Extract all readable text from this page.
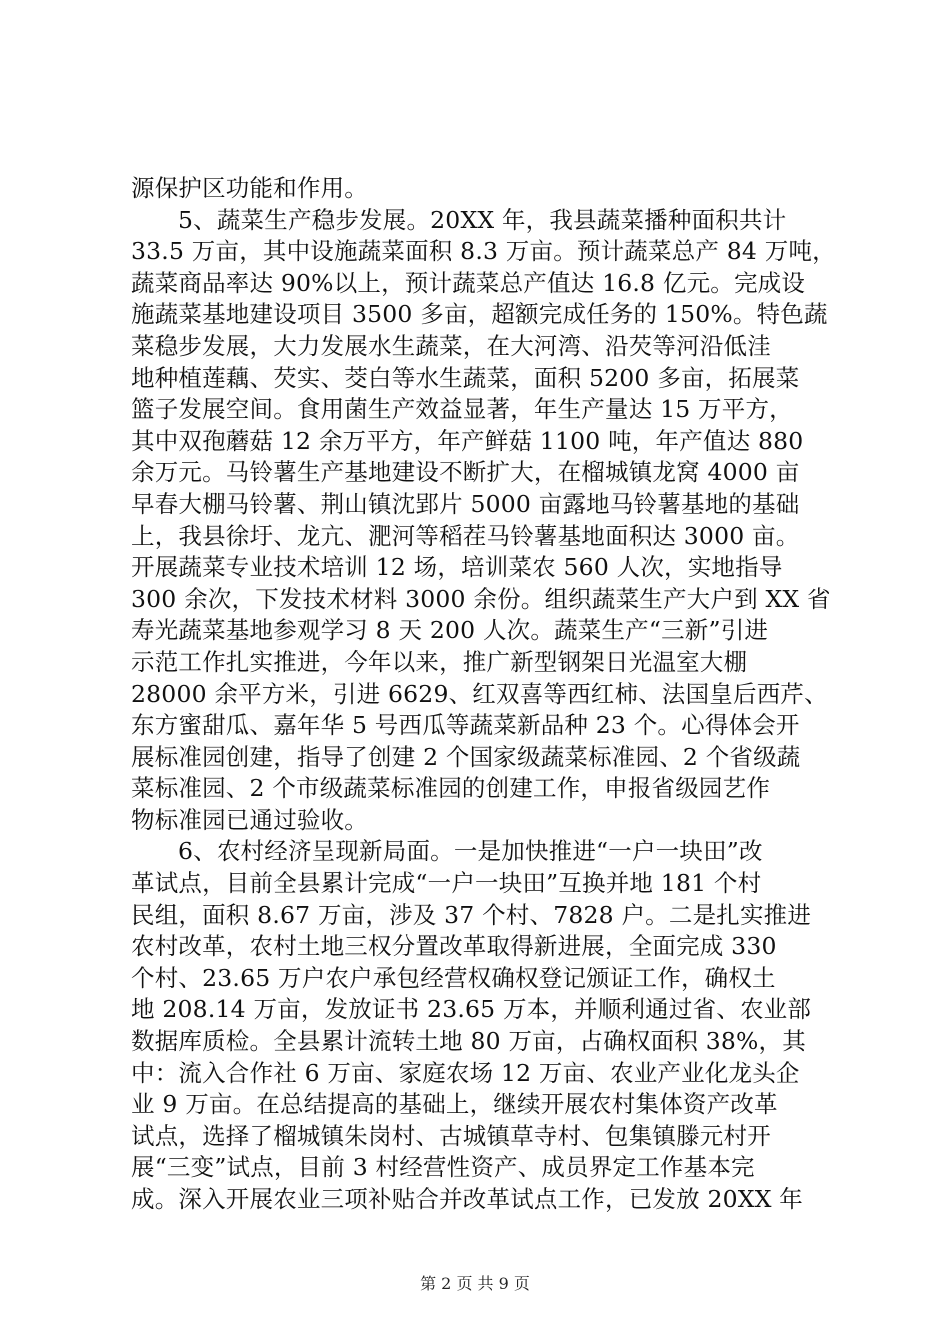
源保护区功能和作用。
5、蔬菜生产稳步发展。20XX 年，我县蔬菜播种面积共计
33.5 万亩，其中设施蔬菜面积 8.3 万亩。预计蔬菜总产 84 万吨，
蔬菜商品率达 90%以上，预计蔬菜总产值达 16.8 亿元。完成设
施蔬菜基地建设项目 3500 多亩，超额完成任务的 150%。特色蔬
菜稳步发展，大力发展水生蔬菜，在大河湾、沿芡等河沿低洼
地种植莲藕、芡实、茭白等水生蔬菜，面积 5200 多亩，拓展菜
篮子发展空间。食用菌生产效益显著，年生产量达 15 万平方，
其中双孢蘑菇 12 余万平方，年产鲜菇 1100 吨，年产值达 880
余万元。马铃薯生产基地建设不断扩大，在榴城镇龙窝 4000 亩
早春大棚马铃薯、荆山镇沈郢片 5000 亩露地马铃薯基地的基础
上，我县徐圩、龙亢、淝河等稻茬马铃薯基地面积达 3000 亩。
开展蔬菜专业技术培训 12 场，培训菜农 560 人次，实地指导
300 余次，下发技术材料 3000 余份。组织蔬菜生产大户到 XX 省
寿光蔬菜基地参观学习 8 天 200 人次。蔬菜生产“三新”引进
示范工作扎实推进，今年以来，推广新型钢架日光温室大棚
28000 余平方米，引进 6629、红双喜等西红柿、法国皇后西芹、
东方蜜甜瓜、嘉年华 5 号西瓜等蔬菜新品种 23 个。心得体会开
展标准园创建，指导了创建 2 个国家级蔬菜标准园、2 个省级蔬
菜标准园、2 个市级蔬菜标准园的创建工作，申报省级园艺作
物标准园已通过验收。
6、农村经济呈现新局面。一是加快推进“一户一块田”改
革试点，目前全县累计完成“一户一块田”互换并地 181 个村
民组，面积 8.67 万亩，涉及 37 个村、7828 户。二是扎实推进
农村改革，农村土地三权分置改革取得新进展，全面完成 330
个村、23.65 万户农户承包经营权确权登记颁证工作，确权土
地 208.14 万亩，发放证书 23.65 万本，并顺利通过省、农业部
数据库质检。全县累计流转土地 80 万亩，占确权面积 38%，其
中：流入合作社 6 万亩、家庭农场 12 万亩、农业产业化龙头企
业 9 万亩。在总结提高的基础上，继续开展农村集体资产改革
试点，选择了榴城镇朱岗村、古城镇草寺村、包集镇滕元村开
展“三变”试点，目前 3 村经营性资产、成员界定工作基本完
成。深入开展农业三项补贴合并改革试点工作，已发放 20XX 年
第 2 页 共 9 页
